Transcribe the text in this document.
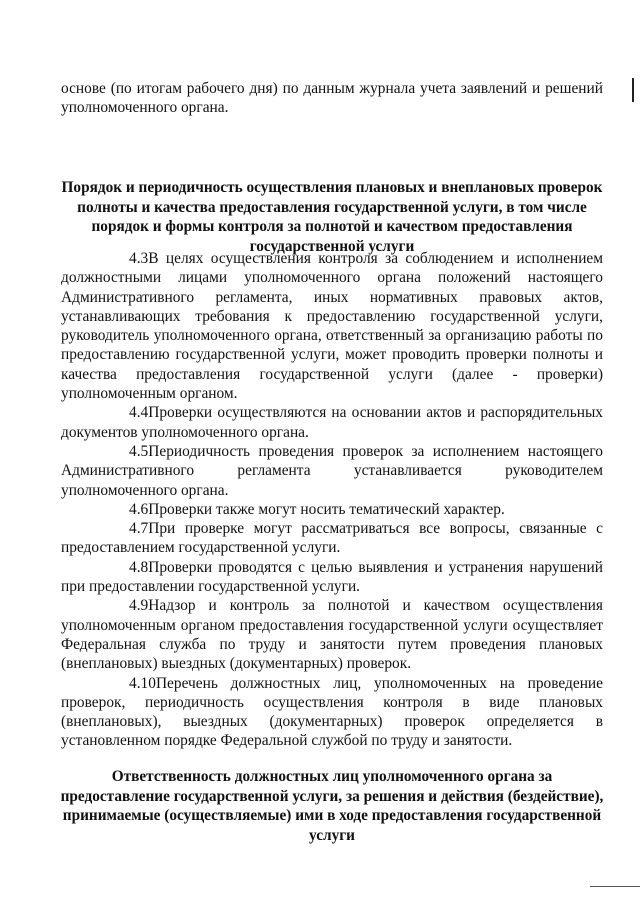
основе (по итогам рабочего дня) по данным журнала учета заявлений и решений уполномоченного органа.

Порядок и периодичность осуществления плановых и внеплановых проверок полноты и качества предоставления государственной услуги, в том числе порядок и формы контроля за полнотой и качеством предоставления государственной услуги

4.3В целях осуществления контроля за соблюдением и исполнением должностными лицами уполномоченного органа положений настоящего Административного регламента, иных нормативных правовых актов, устанавливающих требования к предоставлению государственной услуги, руководитель уполномоченного органа, ответственный за организацию работы по предоставлению государственной услуги, может проводить проверки полноты и качества предоставления государственной услуги (далее - проверки) уполномоченным органом.

4.4Проверки осуществляются на основании актов и распорядительных документов уполномоченного органа.

4.5Периодичность проведения проверок за исполнением настоящего Административного регламента устанавливается руководителем уполномоченного органа.

4.6Проверки также могут носить тематический характер.

4.7При проверке могут рассматриваться все вопросы, связанные с предоставлением государственной услуги.

4.8Проверки проводятся с целью выявления и устранения нарушений при предоставлении государственной услуги.

4.9Надзор и контроль за полнотой и качеством осуществления уполномоченным органом предоставления государственной услуги осуществляет Федеральная служба по труду и занятости путем проведения плановых (внеплановых) выездных (документарных) проверок.

4.10Перечень должностных лиц, уполномоченных на проведение проверок, периодичность осуществления контроля в виде плановых (внеплановых), выездных (документарных) проверок определяется в установленном порядке Федеральной службой по труду и занятости.

Ответственность должностных лиц уполномоченного органа за предоставление государственной услуги, за решения и действия (бездействие), принимаемые (осуществляемые) ими в ходе предоставления государственной услуги
